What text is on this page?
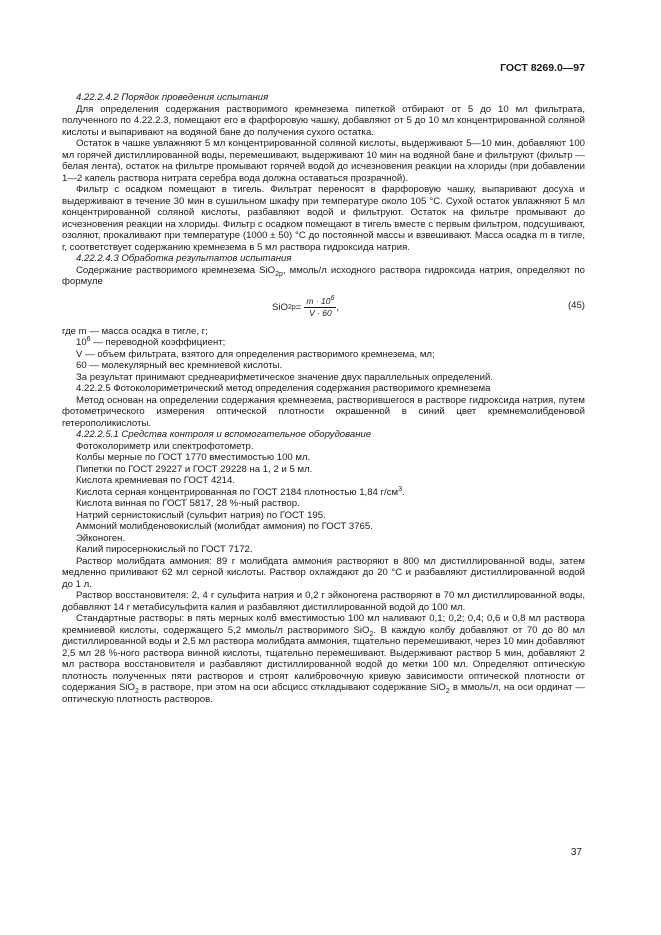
ГОСТ 8269.0—97

4.22.2.4.2 Порядок проведения испытания

Для определения содержания растворимого кремнезема пипеткой отбирают от 5 до 10 мл фильтрата, полученного по 4.22.2.3, помещают его в фарфоровую чашку, добавляют от 5 до 10 мл концентрированной соляной кислоты и выпаривают на водяной бане до получения сухого остатка.

Остаток в чашке увлажняют 5 мл концентрированной соляной кислоты, выдерживают 5—10 мин, добавляют 100 мл горячей дистиллированной воды, перемешивают, выдерживают 10 мин на водяной бане и фильтруют (фильтр — белая лента), остаток на фильтре промывают горячей водой до исчезновения реакции на хлориды (при добавлении 1—2 капель раствора нитрата серебра вода должна оставаться прозрачной).

Фильтр с осадком помещают в тигель. Фильтрат переносят в фарфоровую чашку, выпаривают досуха и выдерживают в течение 30 мин в сушильном шкафу при температуре около 105 °С. Сухой остаток увлажняют 5 мл концентрированной соляной кислоты, разбавляют водой и фильтруют. Остаток на фильтре промывают до исчезновения реакции на хлориды. Фильтр с осадком помещают в тигель вместе с первым фильтром, подсушивают, озоляют, прокаливают при температуре (1000 ± 50) °С до постоянной массы и взвешивают. Масса осадка m в тигле, г, соответствует содержанию кремнезема в 5 мл раствора гидроксида натрия.

4.22.2.4.3 Обработка результатов испытания

Содержание растворимого кремнезема SiO$_{2р}$, ммоль/л исходного раствора гидроксида натрия, определяют по формуле

SiO $2р = \frac{m \cdot 10^6}{V \cdot 60}$ ,	(45)

где m — масса осадка в тигле, г;

$10^6$ — переводной коэффициент;

V — объем фильтрата, взятого для определения растворимого кремнезема, мл;

60 — молекулярный вес кремниевой кислоты.

За результат принимают среднеарифметическое значение двух параллельных определений.

4.22.2.5 Фотоколориметрический метод определения содержания растворимого кремнезема

Метод основан на определении содержания кремнезема, растворившегося в растворе гидроксида натрия, путем фотометрического измерения оптической плотности окрашенной в синий цвет кремнемолибденовой гетерополикислоты.

4.22.2.5.1 Средства контроля и вспомогательное оборудование

Фотоколориметр или спектрофотометр.

Колбы мерные по ГОСТ 1770 вместимостью 100 мл.

Пипетки по ГОСТ 29227 и ГОСТ 29228 на 1, 2 и 5 мл.

Кислота кремниевая по ГОСТ 4214.

Кислота серная концентрированная по ГОСТ 2184 плотностью 1,84 $г/см^3$.

Кислота винная по ГОСТ 5817, 28 %-ный раствор.

Натрий сернистокислый (сульфит натрия) по ГОСТ 195.

Аммоний молибденовокислый (молибдат аммония) по ГОСТ 3765.

Эйконоген.

Калий пиросернокислый по ГОСТ 7172.

Раствор молибдата аммония: 89 г молибдата аммония растворяют в 800 мл дистиллированной воды, затем медленно приливают 62 мл серной кислоты. Раствор охлаждают до 20 °С и разбавляют дистиллированной водой до 1 л.

Раствор восстановителя: 2, 4 г сульфита натрия и 0,2 г эйконогена растворяют в 70 мл дистиллированной воды, добавляют 14 г метабисульфита калия и разбавляют дистиллированной водой до 100 мл.

Стандартные растворы: в пять мерных колб вместимостью 100 мл наливают 0,1; 0,2; 0,4; 0,6 и 0,8 мл раствора кремниевой кислоты, содержащего 5,2 ммоль/л растворимого SiO$_2$. В каждую колбу добавляют от 70 до 80 мл дистиллированной воды и 2,5 мл раствора молибдата аммония, тщательно перемешивают, через 10 мин добавляют 2,5 мл 28 %-ного раствора винной кислоты, тщательно перемешивают. Выдерживают раствор 5 мин, добавляют 2 мл раствора восстановителя и разбавляют дистиллированной водой до метки 100 мл. Определяют оптическую плотность полученных пяти растворов и строят калибровочную кривую зависимости оптической плотности от содержания SiO$_2$ в растворе, при этом на оси абсцисс откладывают содержание SiO$_2$ в ммоль/л, на оси ординат — оптическую плотность растворов.

37
